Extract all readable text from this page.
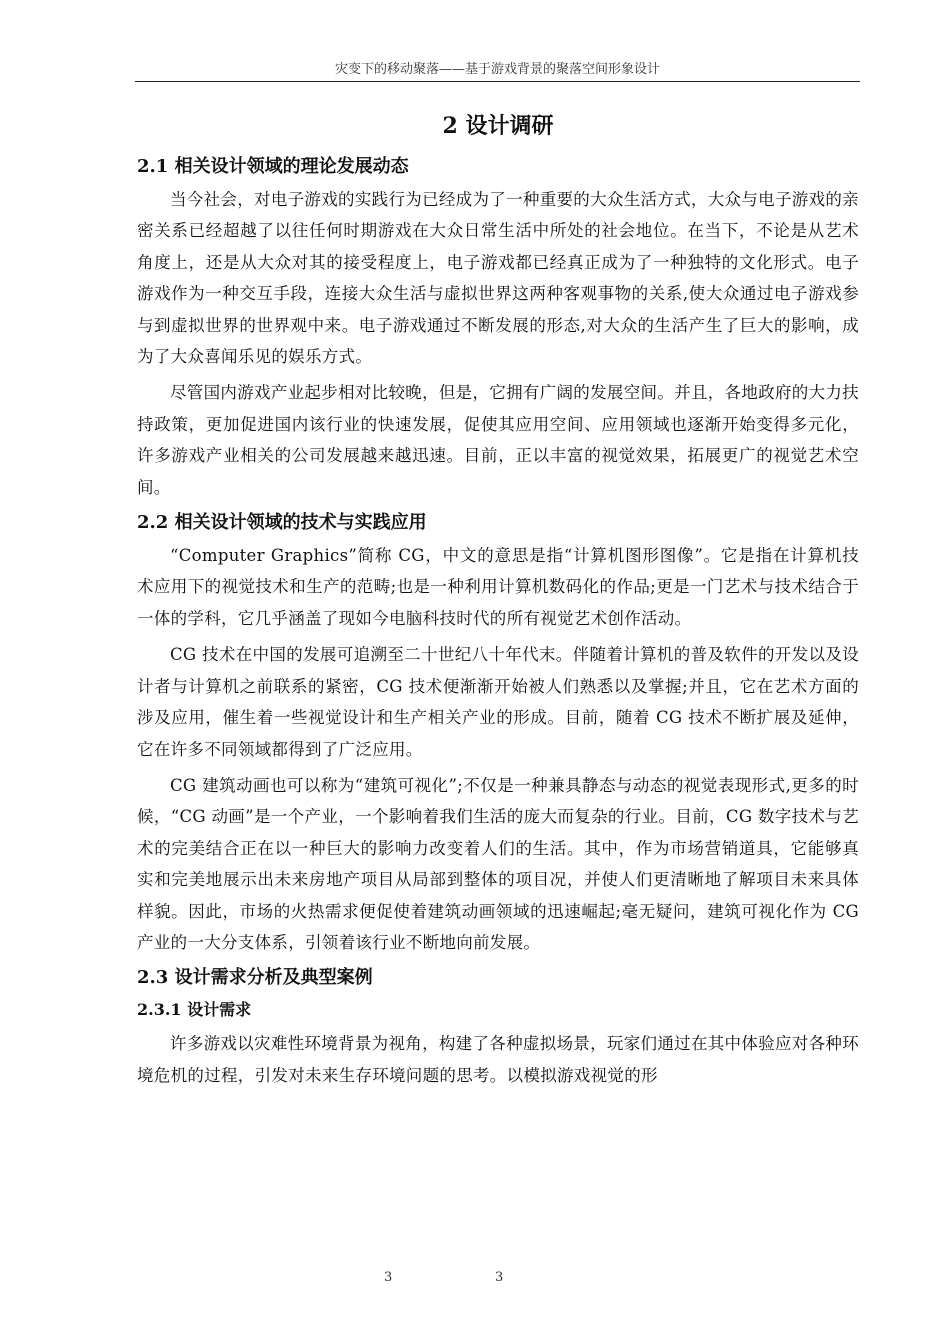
灾变下的移动聚落——基于游戏背景的聚落空间形象设计
2 设计调研
2.1 相关设计领域的理论发展动态

当今社会，对电子游戏的实践行为已经成为了一种重要的大众生活方式，大众与电子游戏的亲密关系已经超越了以往任何时期游戏在大众日常生活中所处的社会地位。在当下，不论是从艺术角度上，还是从大众对其的接受程度上，电子游戏都已经真正成为了一种独特的文化形式。电子游戏作为一种交互手段，连接大众生活与虚拟世界这两种客观事物的关系,使大众通过电子游戏参与到虚拟世界的世界观中来。电子游戏通过不断发展的形态,对大众的生活产生了巨大的影响，成为了大众喜闻乐见的娱乐方式。

尽管国内游戏产业起步相对比较晚，但是，它拥有广阔的发展空间。并且，各地政府的大力扶持政策，更加促进国内该行业的快速发展，促使其应用空间、应用领域也逐渐开始变得多元化，许多游戏产业相关的公司发展越来越迅速。目前，正以丰富的视觉效果，拓展更广的视觉艺术空间。

2.2 相关设计领域的技术与实践应用

“Computer Graphics”简称 CG，中文的意思是指“计算机图形图像”。它是指在计算机技术应用下的视觉技术和生产的范畴;也是一种利用计算机数码化的作品;更是一门艺术与技术结合于一体的学科，它几乎涵盖了现如今电脑科技时代的所有视觉艺术创作活动。

CG 技术在中国的发展可追溯至二十世纪八十年代末。伴随着计算机的普及软件的开发以及设计者与计算机之前联系的紧密，CG 技术便渐渐开始被人们熟悉以及掌握;并且，它在艺术方面的涉及应用，催生着一些视觉设计和生产相关产业的形成。目前，随着 CG 技术不断扩展及延伸，它在许多不同领域都得到了广泛应用。

CG 建筑动画也可以称为“建筑可视化”;不仅是一种兼具静态与动态的视觉表现形式,更多的时候，“CG 动画”是一个产业，一个影响着我们生活的庞大而复杂的行业。目前，CG 数字技术与艺术的完美结合正在以一种巨大的影响力改变着人们的生活。其中，作为市场营销道具，它能够真实和完美地展示出未来房地产项目从局部到整体的项目况，并使人们更清晰地了解项目未来具体样貌。因此，市场的火热需求便促使着建筑动画领域的迅速崛起;毫无疑问，建筑可视化作为 CG 产业的一大分支体系，引领着该行业不断地向前发展。

2.3 设计需求分析及典型案例
2.3.1 设计需求

许多游戏以灾难性环境背景为视角，构建了各种虚拟场景，玩家们通过在其中体验应对各种环境危机的过程，引发对未来生存环境问题的思考。以模拟游戏视觉的形

3	3
